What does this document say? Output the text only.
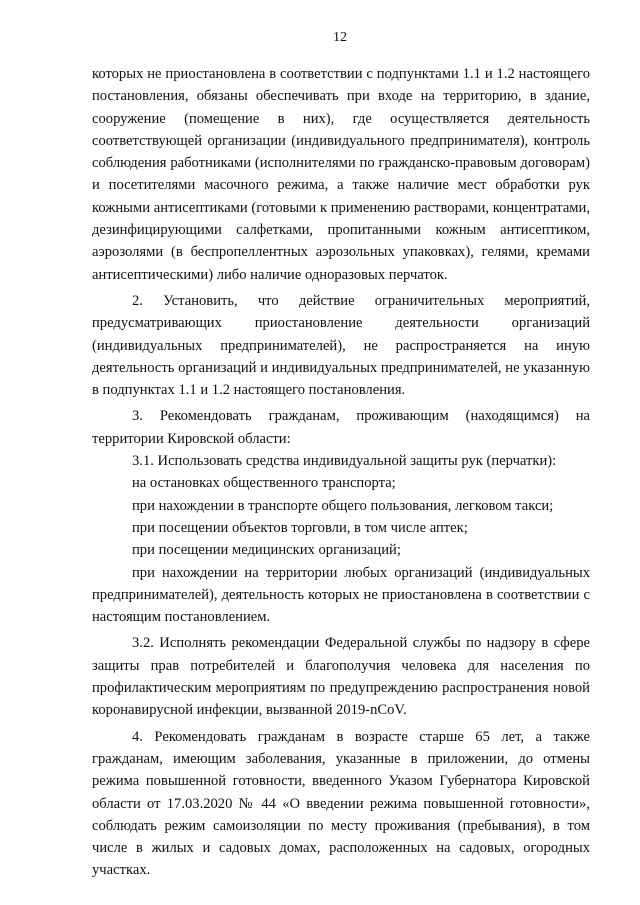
12

которых не приостановлена в соответствии с подпунктами 1.1 и 1.2 настоящего постановления, обязаны обеспечивать при входе на территорию, в здание, сооружение (помещение в них), где осуществляется деятельность соответствующей организации (индивидуального предпринимателя), контроль соблюдения работниками (исполнителями по гражданско-правовым договорам) и посетителями масочного режима, а также наличие мест обработки рук кожными антисептиками (готовыми к применению растворами, концентратами, дезинфицирующими салфетками, пропитанными кожным антисептиком, аэрозолями (в беспропеллентных аэрозольных упаковках), гелями, кремами антисептическими) либо наличие одноразовых перчаток.

2. Установить, что действие ограничительных мероприятий, предусматривающих приостановление деятельности организаций (индивидуальных предпринимателей), не распространяется на иную деятельность организаций и индивидуальных предпринимателей, не указанную в подпунктах 1.1 и 1.2 настоящего постановления.

3. Рекомендовать гражданам, проживающим (находящимся) на территории Кировской области:

3.1. Использовать средства индивидуальной защиты рук (перчатки):

на остановках общественного транспорта;

при нахождении в транспорте общего пользования, легковом такси;

при посещении объектов торговли, в том числе аптек;

при посещении медицинских организаций;

при нахождении на территории любых организаций (индивидуальных предпринимателей), деятельность которых не приостановлена в соответствии с настоящим постановлением.

3.2. Исполнять рекомендации Федеральной службы по надзору в сфере защиты прав потребителей и благополучия человека для населения по профилактическим мероприятиям по предупреждению распространения новой коронавирусной инфекции, вызванной 2019-nCoV.

4. Рекомендовать гражданам в возрасте старше 65 лет, а также гражданам, имеющим заболевания, указанные в приложении, до отмены режима повышенной готовности, введенного Указом Губернатора Кировской области от 17.03.2020 № 44 «О введении режима повышенной готовности», соблюдать режим самоизоляции по месту проживания (пребывания), в том числе в жилых и садовых домах, расположенных на садовых, огородных участках.
